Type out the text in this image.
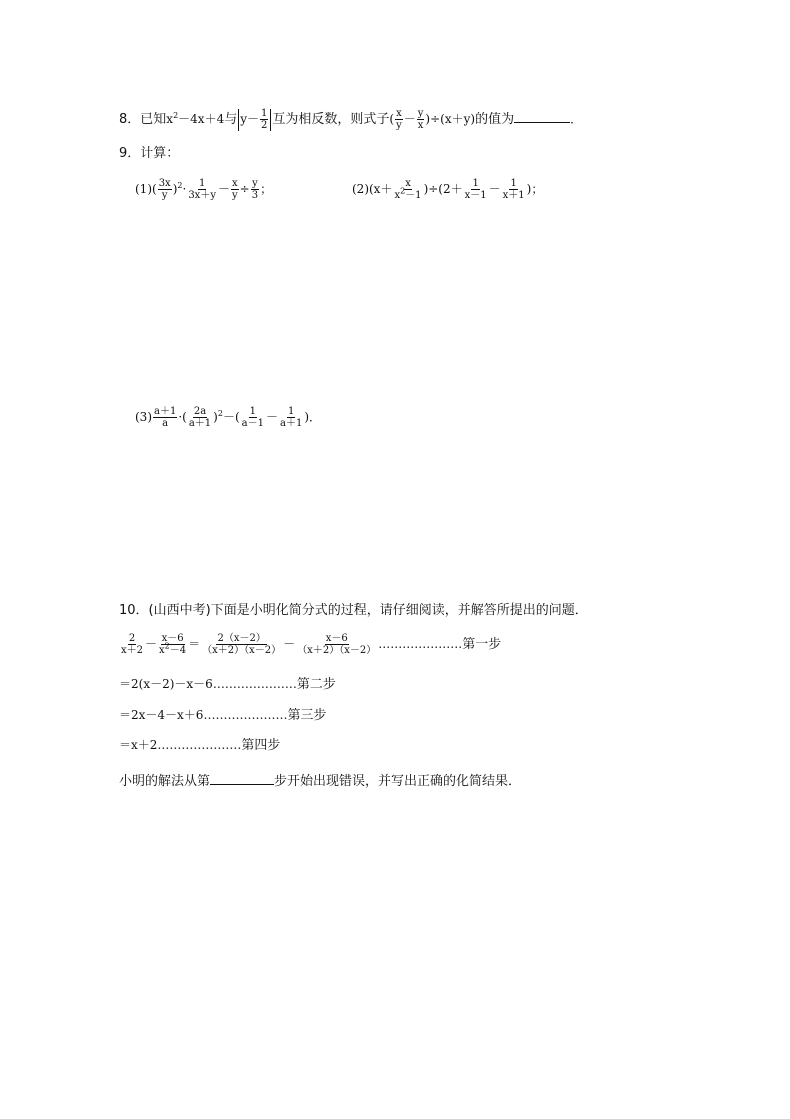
8．已知$x^2-4x+4$与 $y- \frac{1}{2}$ 互为相反数，则式子( $\frac{x}{y} - \frac{y}{x} )\div(x+y)$的值为	．
9．计算：
$(1)( \frac{3x}{y} )^2\cdot \frac{1}{3x+y} - \frac{x}{y} \div \frac{y}{3}$ ；	$(2)(x+ \frac{x}{x^2-1} )\div(2+ \frac{1}{x-1} - \frac{1}{x+1}$ )；
$(3) \frac{a+1}{a}$ ·( $\frac{2a}{a+1} )^2-( \frac{1}{a-1} - \frac{1}{a+1}$ )．
10．(山西中考)下面是小明化简分式的过程，请仔细阅读，并解答所提出的问题．
$\frac{2}{x+2} - \frac{x-6}{x^2-4} = \frac{2(x-2)}{(x+2)(x-2)} - \frac{x-6}{(x+2)(x-2)}$ …………………第一步
＝2(x－2)－x－6…………………第二步
＝2x－4－x＋6…………………第三步
＝x＋2…………………第四步
小明的解法从第	步开始出现错误，并写出正确的化简结果．
